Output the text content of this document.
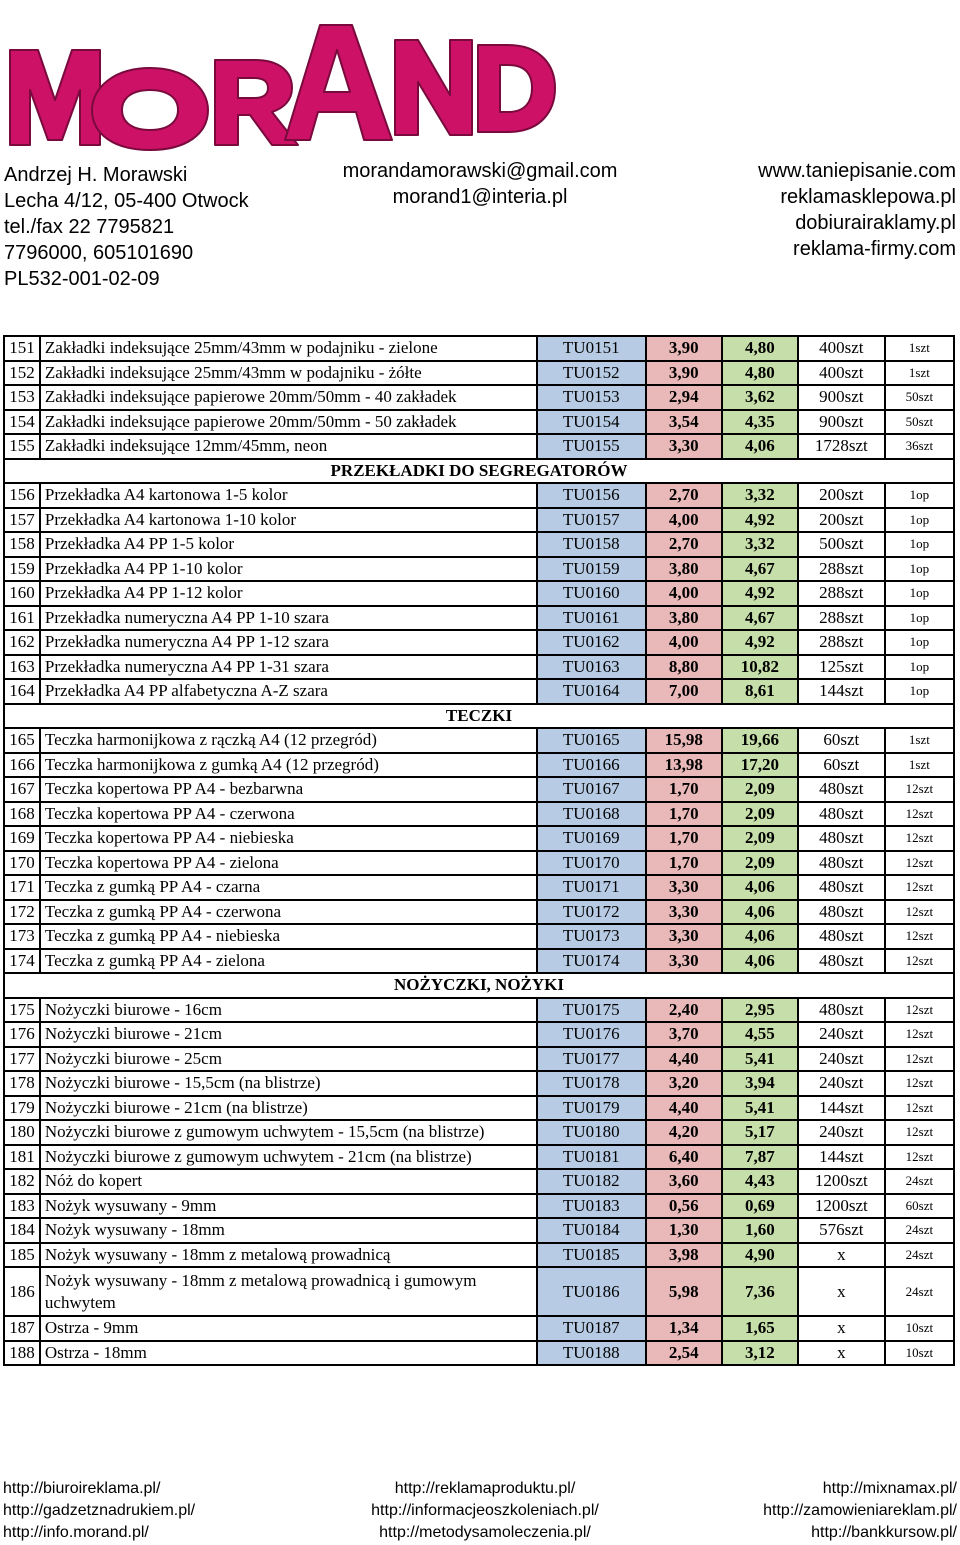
Andrzej H. Morawski
Lecha 4/12, 05-400 Otwock
tel./fax 22 7795821
7796000, 605101690
PL532-001-02-09
morandamorawski@gmail.com
morand1@interia.pl
www.taniepisanie.com
reklamasklepowa.pl
dobiurairaklamy.pl
reklama-firmy.com
151	Zakładki indeksujące 25mm/43mm w podajniku - zielone	TU0151	3,90	4,80	400szt	1szt
152	Zakładki indeksujące 25mm/43mm w podajniku - żółte	TU0152	3,90	4,80	400szt	1szt
153	Zakładki indeksujące papierowe 20mm/50mm - 40 zakładek	TU0153	2,94	3,62	900szt	50szt
154	Zakładki indeksujące papierowe 20mm/50mm - 50 zakładek	TU0154	3,54	4,35	900szt	50szt
155	Zakładki indeksujące 12mm/45mm, neon	TU0155	3,30	4,06	1728szt	36szt
PRZEKŁADKI DO SEGREGATORÓW						
156	Przekładka A4 kartonowa 1-5 kolor	TU0156	2,70	3,32	200szt	1op
157	Przekładka A4 kartonowa 1-10 kolor	TU0157	4,00	4,92	200szt	1op
158	Przekładka A4 PP 1-5 kolor	TU0158	2,70	3,32	500szt	1op
159	Przekładka A4 PP 1-10 kolor	TU0159	3,80	4,67	288szt	1op
160	Przekładka A4 PP 1-12 kolor	TU0160	4,00	4,92	288szt	1op
161	Przekładka numeryczna A4 PP 1-10 szara	TU0161	3,80	4,67	288szt	1op
162	Przekładka numeryczna A4 PP 1-12 szara	TU0162	4,00	4,92	288szt	1op
163	Przekładka numeryczna A4 PP 1-31 szara	TU0163	8,80	10,82	125szt	1op
164	Przekładka A4 PP alfabetyczna A-Z szara	TU0164	7,00	8,61	144szt	1op
TECZKI						
165	Teczka harmonijkowa z rączką A4 (12 przegród)	TU0165	15,98	19,66	60szt	1szt
166	Teczka harmonijkowa z gumką A4 (12 przegród)	TU0166	13,98	17,20	60szt	1szt
167	Teczka kopertowa PP A4 - bezbarwna	TU0167	1,70	2,09	480szt	12szt
168	Teczka kopertowa PP A4 - czerwona	TU0168	1,70	2,09	480szt	12szt
169	Teczka kopertowa PP A4 - niebieska	TU0169	1,70	2,09	480szt	12szt
170	Teczka kopertowa PP A4 - zielona	TU0170	1,70	2,09	480szt	12szt
171	Teczka z gumką PP A4 - czarna	TU0171	3,30	4,06	480szt	12szt
172	Teczka z gumką PP A4 - czerwona	TU0172	3,30	4,06	480szt	12szt
173	Teczka z gumką PP A4 - niebieska	TU0173	3,30	4,06	480szt	12szt
174	Teczka z gumką PP A4 - zielona	TU0174	3,30	4,06	480szt	12szt
NOŻYCZKI, NOŻYKI						
175	Nożyczki biurowe - 16cm	TU0175	2,40	2,95	480szt	12szt
176	Nożyczki biurowe - 21cm	TU0176	3,70	4,55	240szt	12szt
177	Nożyczki biurowe - 25cm	TU0177	4,40	5,41	240szt	12szt
178	Nożyczki biurowe - 15,5cm (na blistrze)	TU0178	3,20	3,94	240szt	12szt
179	Nożyczki biurowe - 21cm (na blistrze)	TU0179	4,40	5,41	144szt	12szt
180	Nożyczki biurowe z gumowym uchwytem - 15,5cm (na blistrze)	TU0180	4,20	5,17	240szt	12szt
181	Nożyczki biurowe z gumowym uchwytem - 21cm (na blistrze)	TU0181	6,40	7,87	144szt	12szt
182	Nóż do kopert	TU0182	3,60	4,43	1200szt	24szt
183	Nożyk wysuwany - 9mm	TU0183	0,56	0,69	1200szt	60szt
184	Nożyk wysuwany - 18mm	TU0184	1,30	1,60	576szt	24szt
185	Nożyk wysuwany - 18mm z metalową prowadnicą	TU0185	3,98	4,90	x	24szt
186	Nożyk wysuwany - 18mm z metalową prowadnicą i gumowym uchwytem	TU0186	5,98	7,36	x	24szt
187	Ostrza - 9mm	TU0187	1,34	1,65	x	10szt
188	Ostrza - 18mm	TU0188	2,54	3,12	x	10szt
http://biuroireklama.pl/
http://gadzetznadrukiem.pl/
http://info.morand.pl/
http://reklamaproduktu.pl/
http://informacjeoszkoleniach.pl/
http://metodysamoleczenia.pl/
http://mixnamax.pl/
http://zamowieniareklam.pl/
http://bankkursow.pl/
